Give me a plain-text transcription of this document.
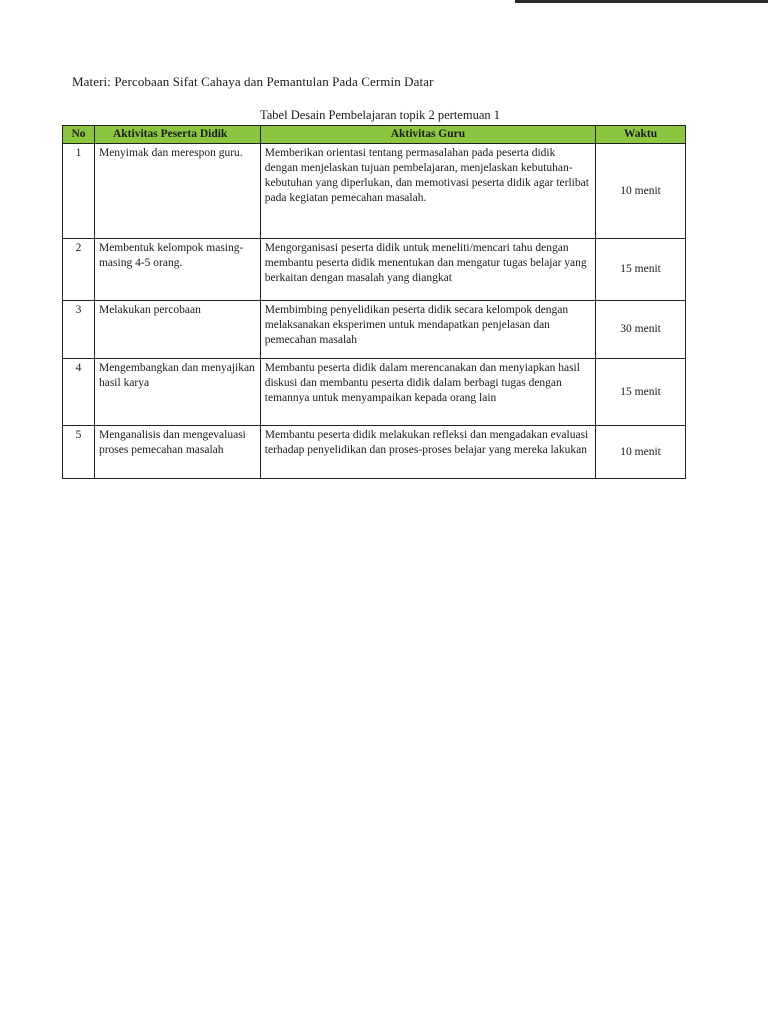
Materi: Percobaan Sifat Cahaya dan Pemantulan Pada Cermin Datar
Tabel Desain Pembelajaran topik 2 pertemuan 1
No	Aktivitas Peserta Didik	Aktivitas Guru	Waktu
1	Menyimak dan merespon guru.	Memberikan orientasi tentang permasalahan pada peserta didik dengan menjelaskan tujuan pembelajaran, menjelaskan kebutuhan-kebutuhan yang diperlukan, dan memotivasi peserta didik agar terlibat pada kegiatan pemecahan masalah.	10 menit
2	Membentuk kelompok masing-masing 4-5 orang.	Mengorganisasi peserta didik untuk meneliti/mencari tahu dengan membantu peserta didik menentukan dan mengatur tugas belajar yang berkaitan dengan masalah yang diangkat	15 menit
3	Melakukan percobaan	Membimbing penyelidikan peserta didik secara kelompok dengan melaksanakan eksperimen untuk mendapatkan penjelasan dan pemecahan masalah	30 menit
4	Mengembangkan dan menyajikan hasil karya	Membantu peserta didik dalam merencanakan dan menyiapkan hasil diskusi dan membantu peserta didik dalam berbagi tugas dengan temannya untuk menyampaikan kepada orang lain	15 menit
5	Menganalisis dan mengevaluasi proses pemecahan masalah	Membantu peserta didik melakukan refleksi dan mengadakan evaluasi terhadap penyelidikan dan proses-proses belajar yang mereka lakukan	10 menit
